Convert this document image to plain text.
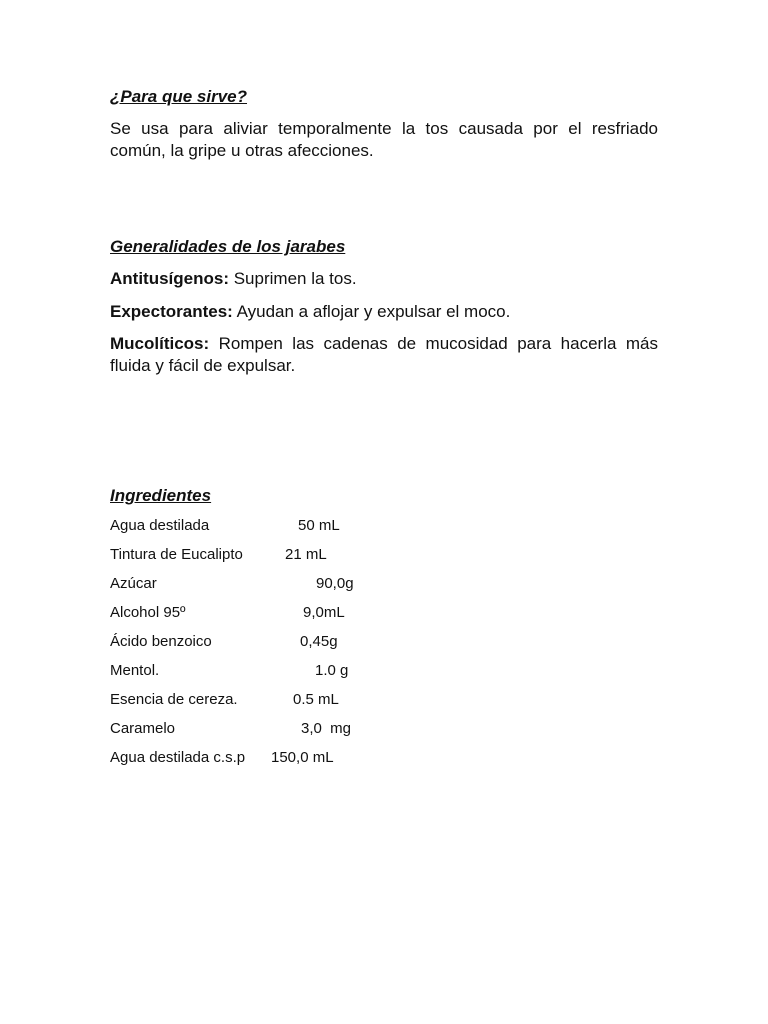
¿Para que sirve?

Se usa para aliviar temporalmente la tos causada por el resfriado común, la gripe u otras afecciones.

Generalidades de los jarabes

Antitusígenos: Suprimen la tos.

Expectorantes: Ayudan a aflojar y expulsar el moco.

Mucolíticos: Rompen las cadenas de mucosidad para hacerla más fluida y fácil de expulsar.

Ingredientes
Agua destilada	50 mL
Tintura de Eucalipto	21 mL
Azúcar	90,0g
Alcohol 95º	9,0mL
Ácido benzoico	0,45g
Mentol.	1.0 g
Esencia de cereza.	0.5 mL
Caramelo	3,0  mg
Agua destilada c.s.p 150,0 mL
